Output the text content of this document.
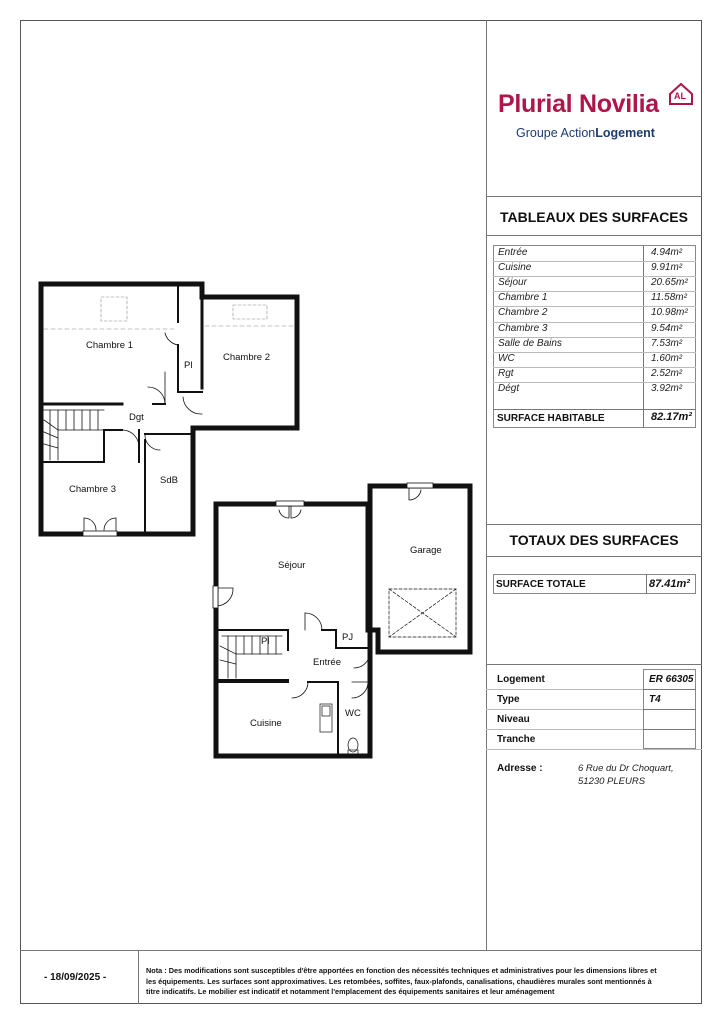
Plurial Novilia AL
Groupe ActionLogement
TABLEAUX DES SURFACES
Entrée	4.94m²
Cuisine	9.91m²
Séjour	20.65m²
Chambre 1	11.58m²
Chambre 2	10.98m²
Chambre 3	9.54m²
Salle de Bains	7.53m²
WC	1.60m²
Rgt	2.52m²
Dégt	3.92m²
SURFACE HABITABLE	82.17m²
TOTAUX DES SURFACES
SURFACE TOTALE	87.41m²
Logement	ER 66305
Type	T4
Niveau
Tranche
Adresse :	6 Rue du Dr Choquart,
51230 PLEURS
Chambre 1
Chambre 2
Chambre 3
Pl
Dgt
SdB
Séjour
Garage
Pl	PJ
Entrée
Cuisine
WC
- 18/09/2025 -
Nota : Des modifications sont susceptibles d'être apportées en fonction des nécessités techniques et administratives pour les dimensions libres et
les équipements. Les surfaces sont approximatives. Les retombées, soffites, faux-plafonds, canalisations, chaudières murales sont mentionnés à
titre indicatifs. Le mobilier est indicatif et notamment l'emplacement des équipements sanitaires et leur aménagement
